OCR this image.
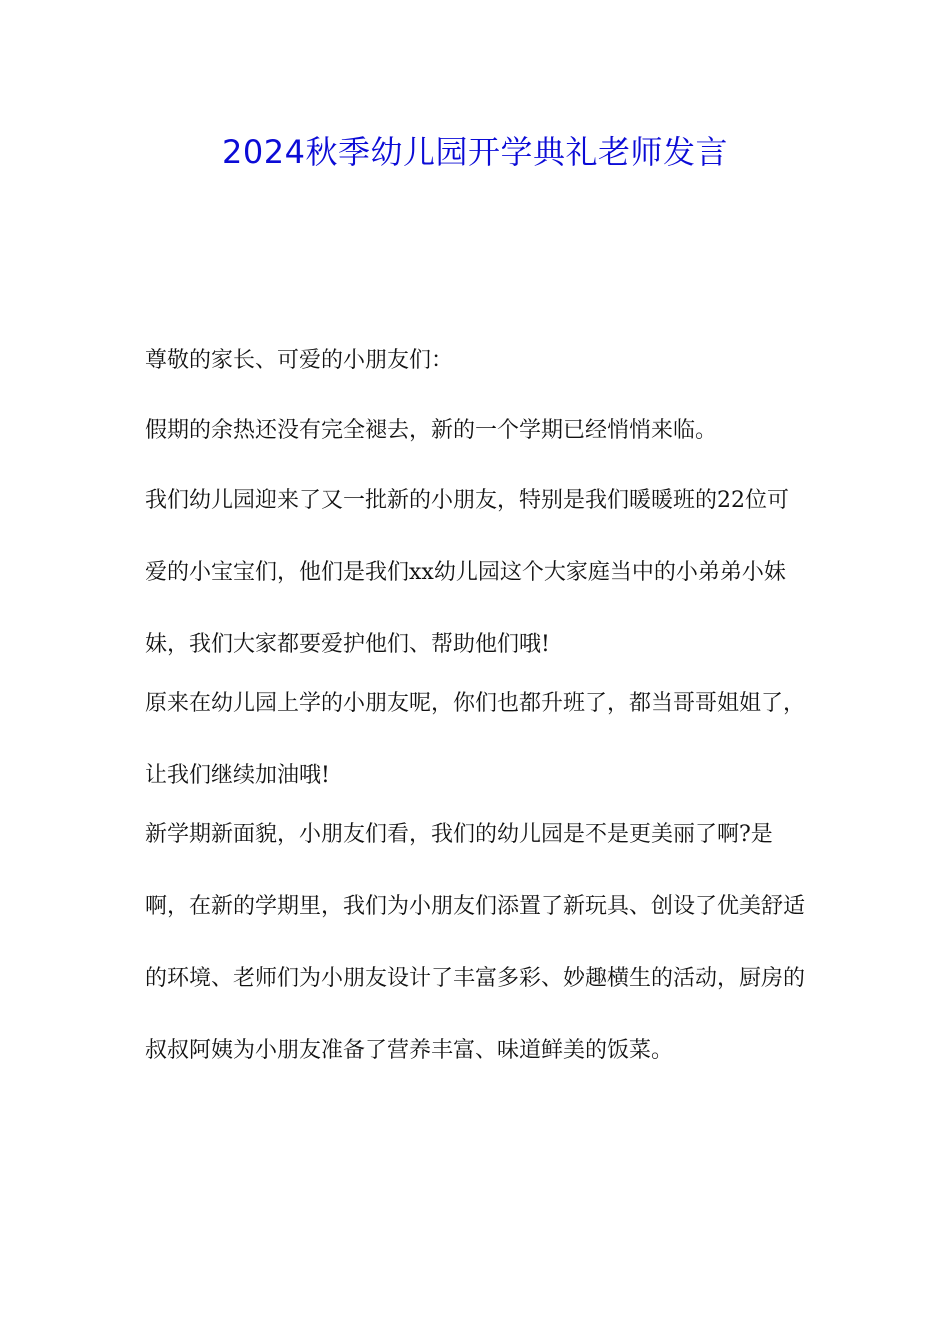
2024秋季幼儿园开学典礼老师发言

尊敬的家长、可爱的小朋友们：

假期的余热还没有完全褪去，新的一个学期已经悄悄来临。

我们幼儿园迎来了又一批新的小朋友，特别是我们暖暖班的22位可爱的小宝宝们，他们是我们xx幼儿园这个大家庭当中的小弟弟小妹妹，我们大家都要爱护他们、帮助他们哦!

原来在幼儿园上学的小朋友呢，你们也都升班了，都当哥哥姐姐了，让我们继续加油哦!

新学期新面貌，小朋友们看，我们的幼儿园是不是更美丽了啊?是啊，在新的学期里，我们为小朋友们添置了新玩具、创设了优美舒适的环境、老师们为小朋友设计了丰富多彩、妙趣横生的活动，厨房的叔叔阿姨为小朋友准备了营养丰富、味道鲜美的饭菜。
